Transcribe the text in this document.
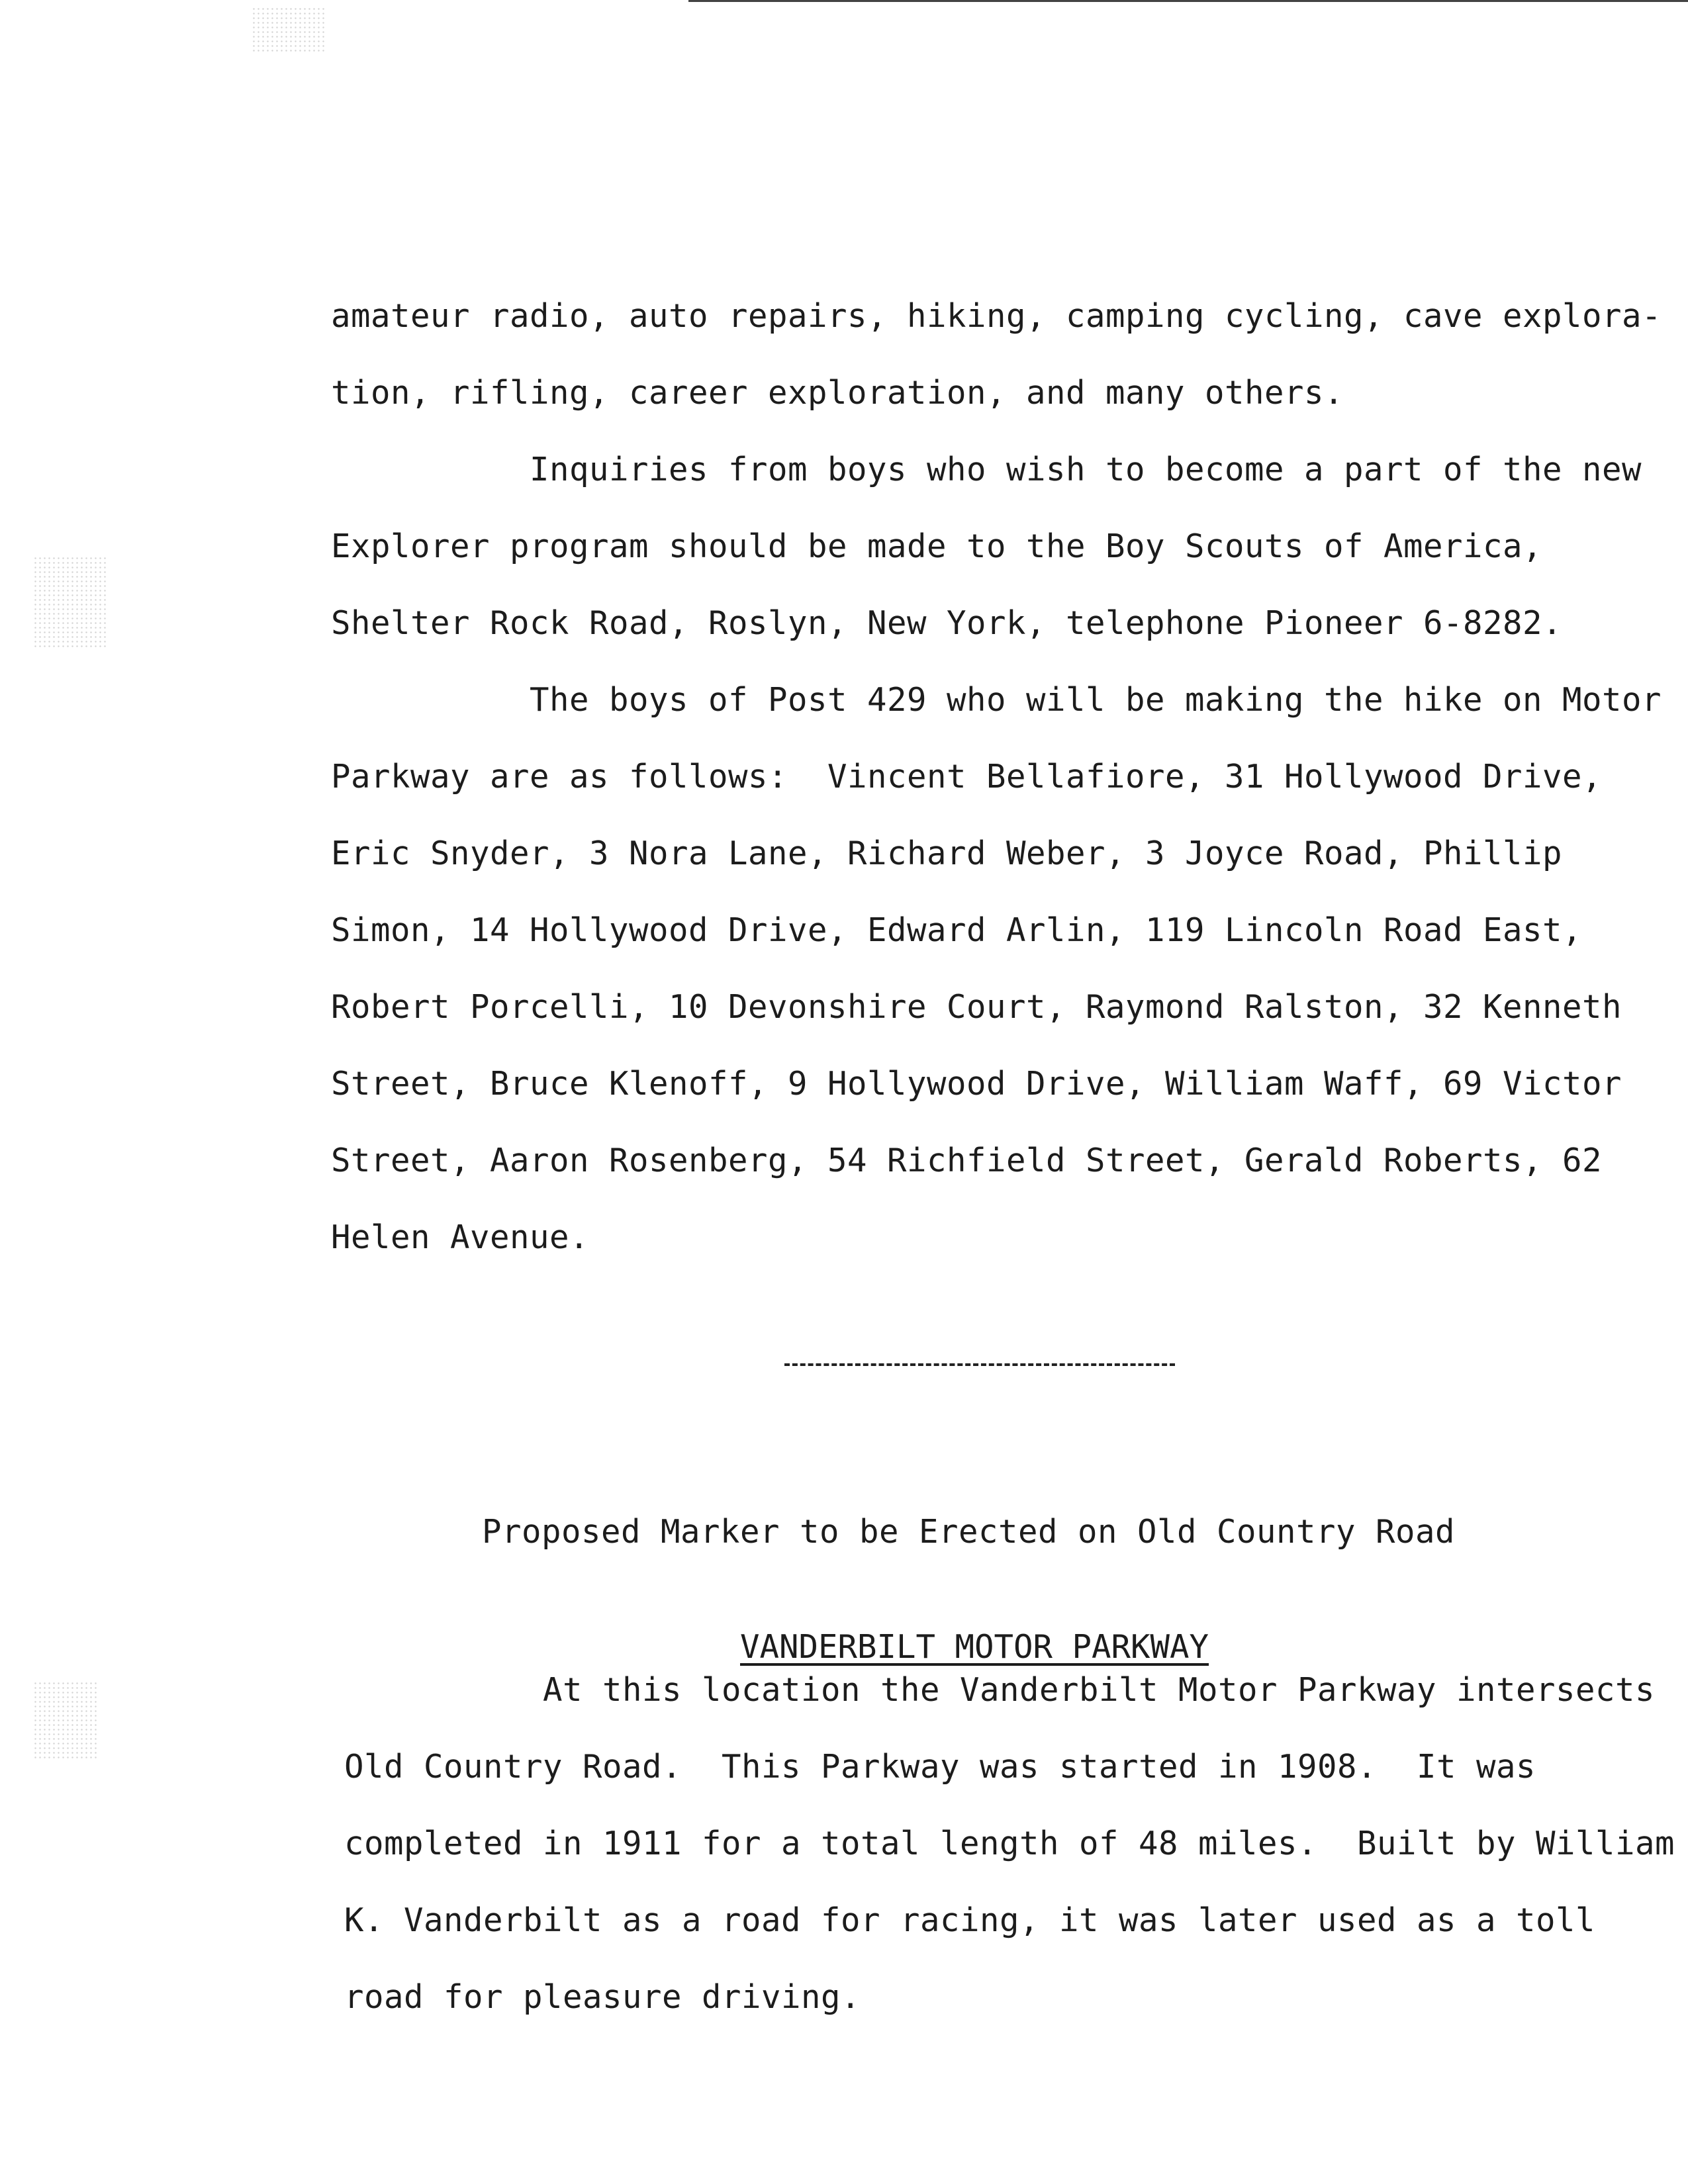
amateur radio, auto repairs, hiking, camping cycling, cave explora-

tion, rifling, career exploration, and many others.

Inquiries from boys who wish to become a part of the new

Explorer program should be made to the Boy Scouts of America,

Shelter Rock Road, Roslyn, New York, telephone Pioneer 6-8282.

The boys of Post 429 who will be making the hike on Motor

Parkway are as follows:  Vincent Bellafiore, 31 Hollywood Drive,

Eric Snyder, 3 Nora Lane, Richard Weber, 3 Joyce Road, Phillip

Simon, 14 Hollywood Drive, Edward Arlin, 119 Lincoln Road East,

Robert Porcelli, 10 Devonshire Court, Raymond Ralston, 32 Kenneth

Street, Bruce Klenoff, 9 Hollywood Drive, William Waff, 69 Victor

Street, Aaron Rosenberg, 54 Richfield Street, Gerald Roberts, 62

Helen Avenue.

Proposed Marker to be Erected on Old Country Road

VANDERBILT MOTOR PARKWAY

At this location the Vanderbilt Motor Parkway intersects

Old Country Road.  This Parkway was started in 1908.  It was

completed in 1911 for a total length of 48 miles.  Built by William

K. Vanderbilt as a road for racing, it was later used as a toll

road for pleasure driving.
